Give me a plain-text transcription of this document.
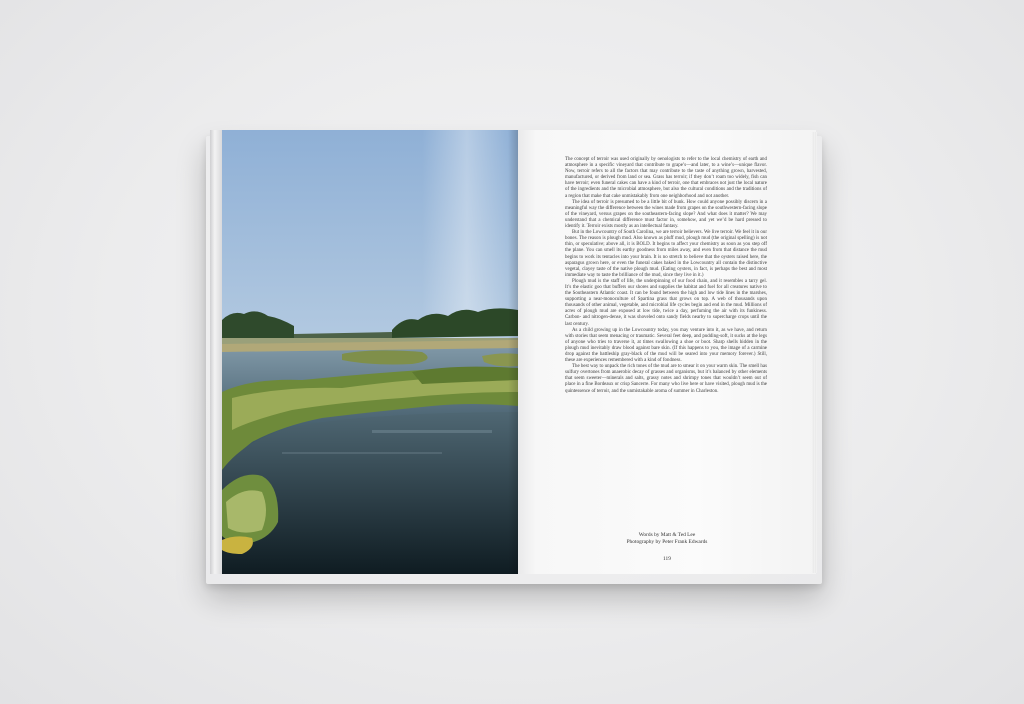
The concept of terroir was used originally by oenologists to refer to the local chemistry of earth and atmosphere in a specific vineyard that contribute to grape’s—and later, to a wine’s—unique flavor. Now, terroir refers to all the factors that may contribute to the taste of anything grown, harvested, manufactured, or derived from land or sea. Grass has terroir; if they don’t roam too widely, fish can have terroir; even funeral cakes can have a kind of terroir, one that embraces not just the local nature of the ingredients and the microbial atmosphere, but also the cultural conditions and the traditions of a region that make that cake unmistakably from one neighborhood and not another.

The idea of terroir is presumed to be a little bit of bunk. How could anyone possibly discern in a meaningful way the difference between the wines made from grapes on the southwestern-facing slope of the vineyard, versus grapes on the southeastern-facing slope? And what does it matter? We may understand that a chemical difference must factor in, somehow, and yet we’d be hard pressed to identify it. Terroir exists mostly as an intellectual fantasy.

But in the Lowcountry of South Carolina, we are terroir believers. We live terroir. We feel it in our bones. The reason is plough mud. Also known as pluff mud, plough mud (the original spelling) is not thin, or speculative; above all, it is BOLD. It begins to affect your chemistry as soon as you step off the plane. You can smell its earthy goodness from miles away, and even from that distance the mud begins to work its tentacles into your brain. It is no stretch to believe that the oysters raised here, the asparagus grown here, or even the funeral cakes baked in the Lowcountry all contain the distinctive vegetal, clayey taste of the native plough mud. (Eating oysters, in fact, is perhaps the best and most immediate way to taste the brilliance of the mud, since they live in it.)

Plough mud is the staff of life, the underpinning of our food chain, and it resembles a tarry gel. It’s the elastic goo that buffers our shores and supplies the habitat and fuel for all creatures native to the Southeastern Atlantic coast. It can be found between the high and low tide lines in the marshes, supporting a near-monoculture of Spartina grass that grows on top. A web of thousands upon thousands of other animal, vegetable, and microbial life cycles begin and end in the mud. Millions of acres of plough mud are exposed at low tide, twice a day, perfuming the air with its funkiness. Carbon- and nitrogen-dense, it was shoveled onto sandy fields nearby to supercharge crops until the last century.

As a child growing up in the Lowcountry today, you may venture into it, as we have, and return with stories that seem menacing or traumatic. Several feet deep, and pudding-soft, it sucks at the legs of anyone who tries to traverse it, at times swallowing a shoe or boot. Sharp shells hidden in the plough mud inevitably draw blood against bare skin. (If this happens to you, the image of a carmine drop against the battleship gray-black of the mud will be seared into your memory forever.) Still, these are experiences remembered with a kind of fondness.

The best way to unpack the rich tones of the mud are to smear it on your warm skin. The smell has sulfury overtones from anaerobic decay of grasses and organisms, but it’s balanced by other elements that seem sweeter—minerals and salts, grassy notes and shrimpy tones that wouldn’t seem out of place in a fine Bordeaux or crisp Sancerre. For many who live here or have visited, plough mud is the quintessence of terroir, and the unmistakable aroma of summer in Charleston.

Words by Matt & Ted Lee
Photography by Peter Frank Edwards
119
